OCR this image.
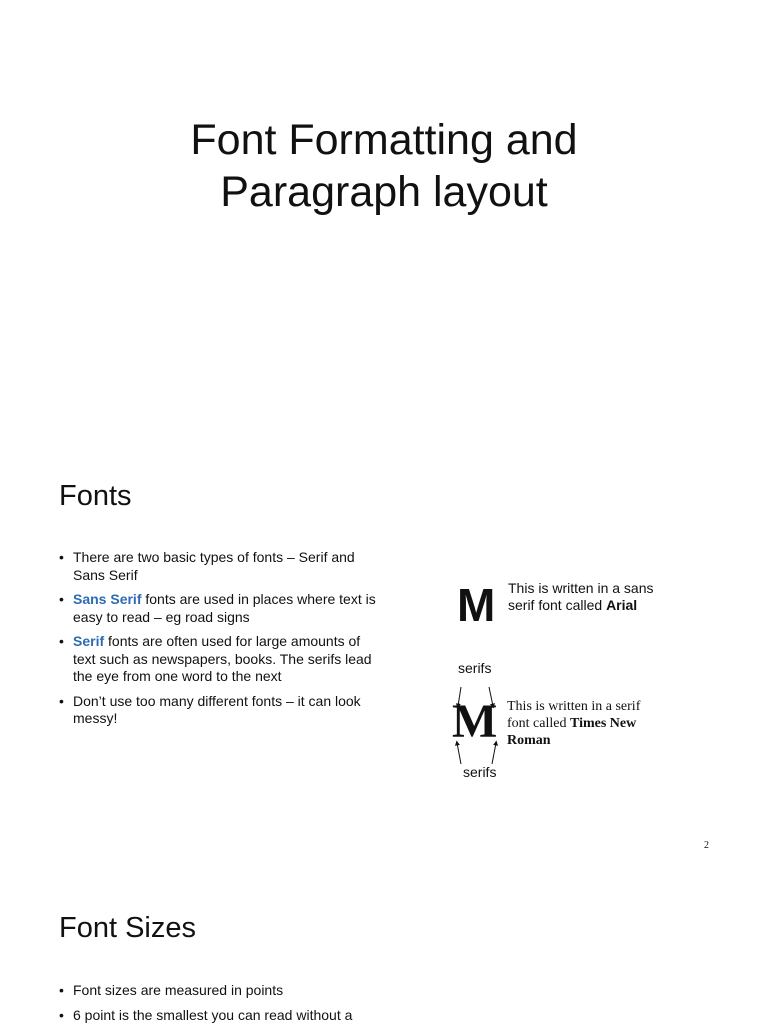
Font Formatting and
Paragraph layout
Fonts
• There are two basic types of fonts – Serif and Sans Serif
• Sans Serif fonts are used in places where text is easy to read – eg road signs
• Serif fonts are often used for large amounts of text such as newspapers, books. The serifs lead the eye from one word to the next
• Don’t use too many different fonts – it can look messy!
M This is written in a sans serif font called Arial
serifs
M This is written in a serif font called Times New Roman
serifs
2
Font Sizes
• Font sizes are measured in points
• 6 point is the smallest you can read without a
